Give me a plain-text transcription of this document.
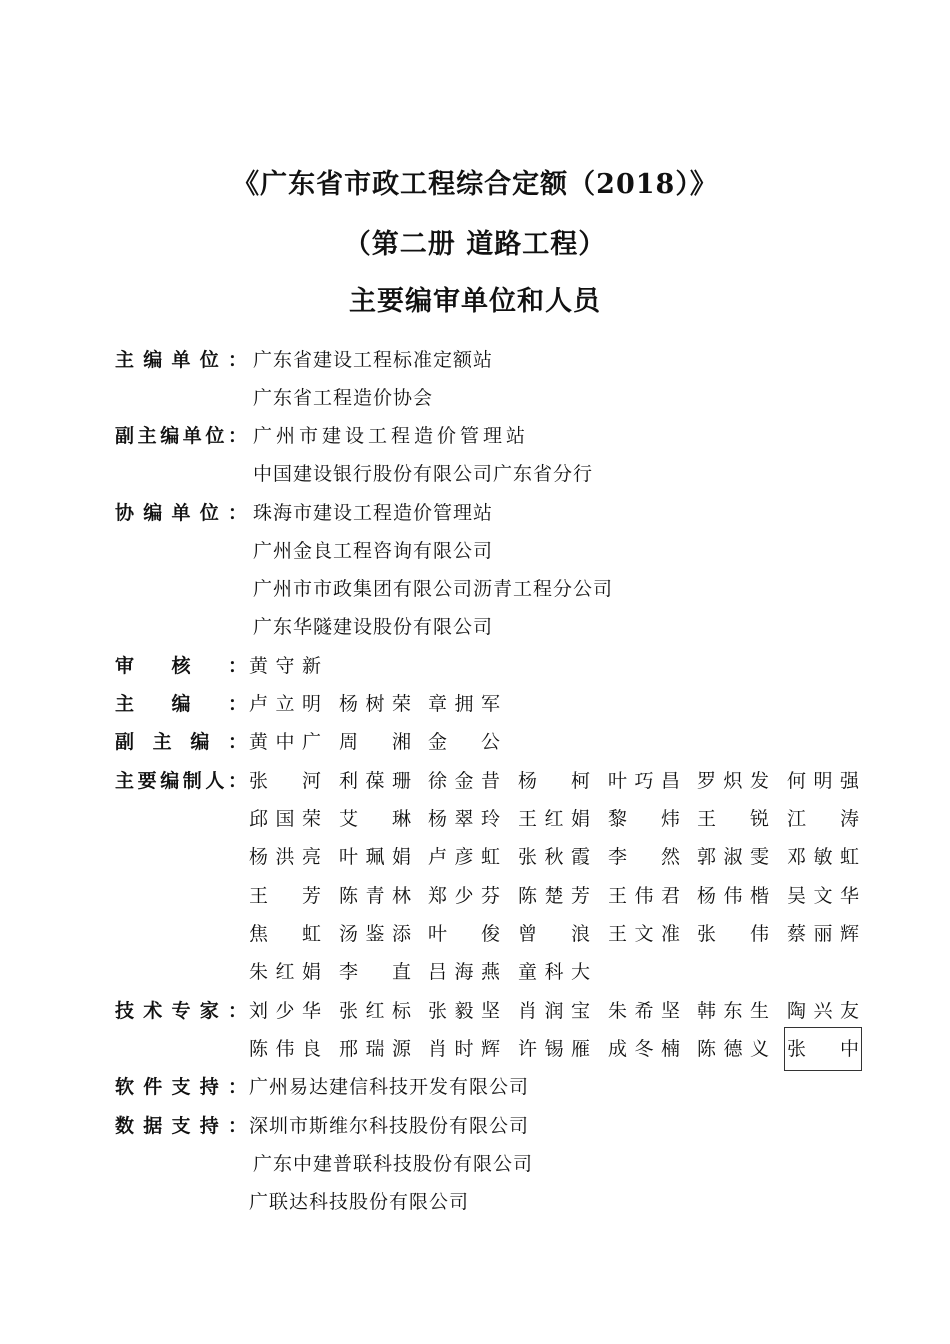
《广东省市政工程综合定额（2018）》
（第二册 道路工程）
主要编审单位和人员
主编单位： 广东省建设工程标准定额站
广东省工程造价协会
副主编单位： 广州市建设工程造价管理站
中国建设银行股份有限公司广东省分行
协编单位： 珠海市建设工程造价管理站
广州金良工程咨询有限公司
广州市市政集团有限公司沥青工程分公司
广东华隧建设股份有限公司
审核： 黄守新
主编： 卢立明 杨树荣 章拥军
副主编： 黄中广 周湘 金公
主要编制人： 张河 利葆珊 徐金昔 杨柯 叶巧昌 罗炽发 何明强
邱国荣 艾琳 杨翠玲 王红娟 黎炜 王锐 江涛
杨洪亮 叶珮娟 卢彦虹 张秋霞 李然 郭淑雯 邓敏虹
王芳 陈青林 郑少芬 陈楚芳 王伟君 杨伟楷 吴文华
焦虹 汤鉴添 叶俊 曾浪 王文准 张伟 蔡丽辉
朱红娟 李直 吕海燕 童科大
技术专家： 刘少华 张红标 张毅坚 肖润宝 朱希坚 韩东生 陶兴友
陈伟良 邢瑞源 肖时辉 许锡雁 成冬楠 陈德义 张中
软件支持： 广州易达建信科技开发有限公司
数据支持： 深圳市斯维尔科技股份有限公司
广东中建普联科技股份有限公司
广联达科技股份有限公司
